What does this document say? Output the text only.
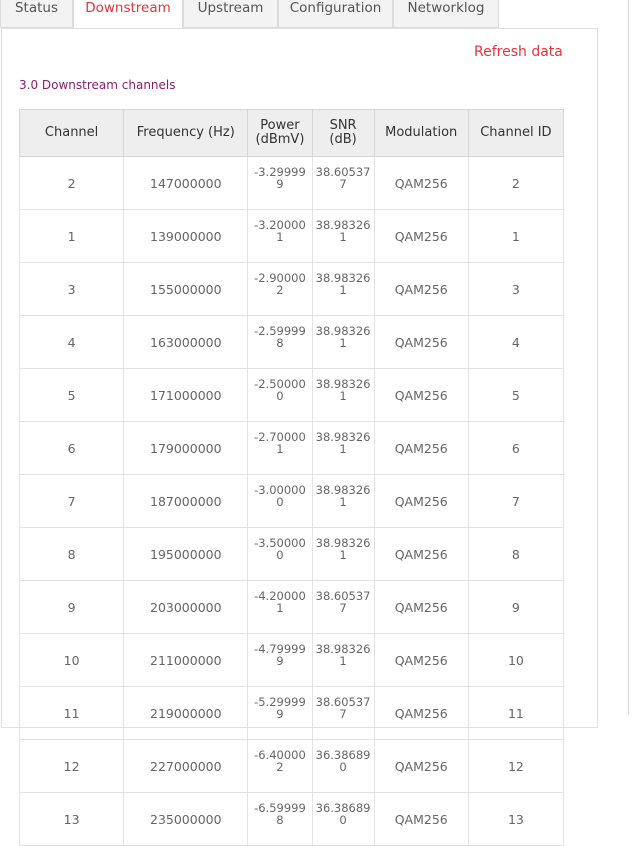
Status	Downstream	Upstream	Configuration	Networklog
Refresh data
3.0 Downstream channels
Channel	Frequency (Hz)	Power (dBmV)	SNR (dB)	Modulation	Channel ID
2	147000000	-3.299999	38.605377	QAM256	2
1	139000000	-3.200001	38.983261	QAM256	1
3	155000000	-2.900002	38.983261	QAM256	3
4	163000000	-2.599998	38.983261	QAM256	4
5	171000000	-2.500000	38.983261	QAM256	5
6	179000000	-2.700001	38.983261	QAM256	6
7	187000000	-3.000000	38.983261	QAM256	7
8	195000000	-3.500000	38.983261	QAM256	8
9	203000000	-4.200001	38.605377	QAM256	9
10	211000000	-4.799999	38.983261	QAM256	10
11	219000000	-5.299999	38.605377	QAM256	11
12	227000000	-6.400002	36.386890	QAM256	12
13	235000000	-6.599998	36.386890	QAM256	13
